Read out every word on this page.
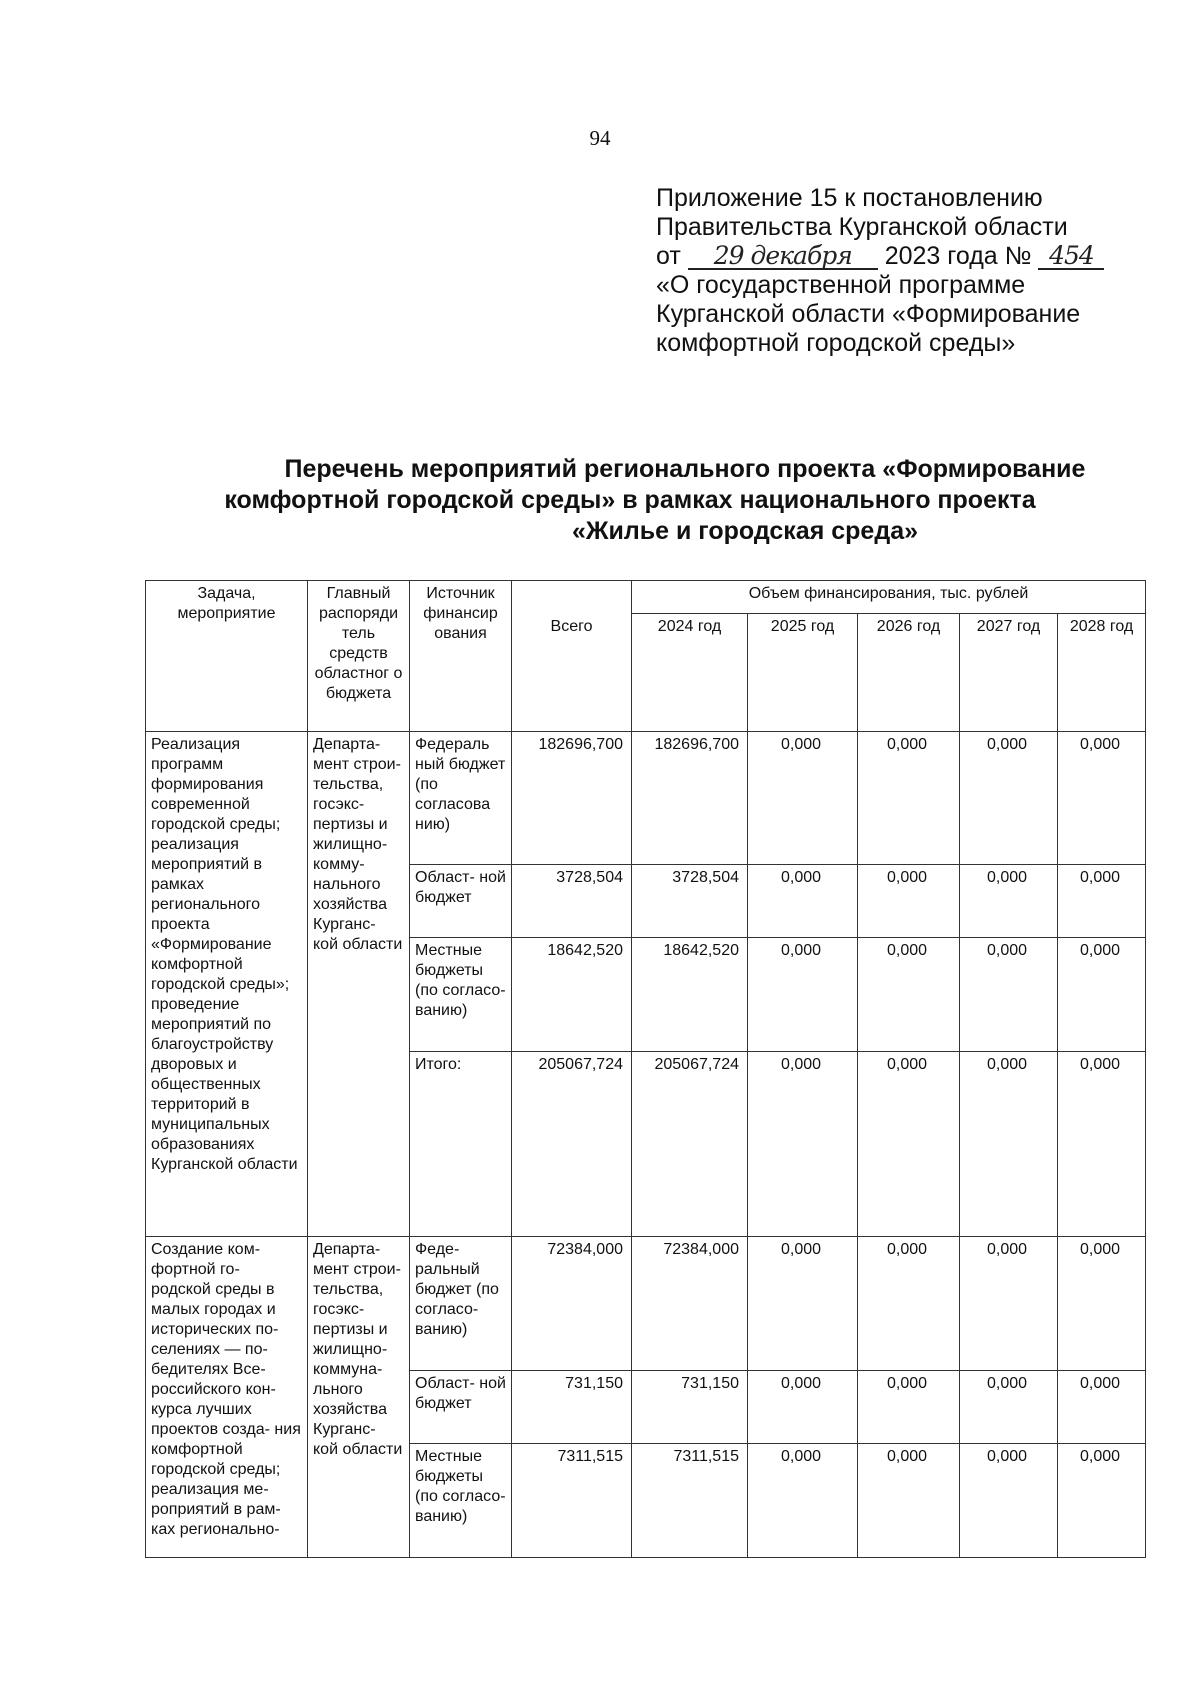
94
Приложение 15 к постановлению
Правительства Курганской области
от 29 декабря 2023 года № 454
«О государственной программе
Курганской области «Формирование
комфортной городской среды»
Перечень мероприятий регионального проекта «Формирование
комфортной городской среды» в рамках национального проекта
«Жилье и городская среда»
Задача, мероприятие	Главный распоряди тель средств областног о бюджета	Источник финансир ования	Всего	Объем финансирования, тыс. рублей				
				2024 год	2025 год	2026 год	2027 год	2028 год
Реализация программ формирования современной городской среды; реализация мероприятий в рамках регионального проекта «Формирование комфортной городской среды»; проведение мероприятий по благоустройству дворовых и общественных территорий в муниципальных образованиях Курганской области	Департа- мент строи- тельства, госэкс- пертизы и жилищно- комму- нального хозяйства Курганс- кой области	Федераль ный бюджет (по согласова нию)	182696,700	182696,700	0,000	0,000	0,000	0,000
		Област- ной бюджет	3728,504	3728,504	0,000	0,000	0,000	0,000
		Местные бюджеты (по согласо- ванию)	18642,520	18642,520	0,000	0,000	0,000	0,000
		Итого:	205067,724	205067,724	0,000	0,000	0,000	0,000
Создание ком- фортной го- родской среды в малых городах и исторических по- селениях — по- бедителях Все- российского кон- курса лучших проектов созда- ния комфортной городской среды; реализация ме- роприятий в рам- ках регионально-	Департа- мент строи- тельства, госэкс- пертизы и жилищно- коммуна- льного хозяйства Курганс- кой области	Феде- ральный бюджет (по согласо- ванию)	72384,000	72384,000	0,000	0,000	0,000	0,000
		Област- ной бюджет	731,150	731,150	0,000	0,000	0,000	0,000
		Местные бюджеты (по согласо- ванию)	7311,515	7311,515	0,000	0,000	0,000	0,000
